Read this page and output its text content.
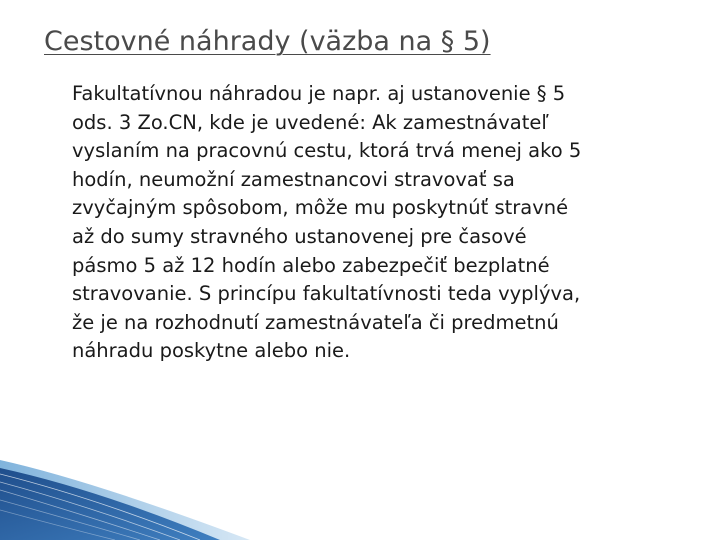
Cestovné náhrady (väzba na § 5)
Fakultatívnou náhradou je napr. aj ustanovenie § 5
ods. 3 Zo.CN, kde je uvedené: Ak zamestnávateľ
vyslaním na pracovnú cestu, ktorá trvá menej ako 5
hodín, neumožní zamestnancovi stravovať sa
zvyčajným spôsobom, môže mu poskytnúť stravné
až do sumy stravného ustanovenej pre časové
pásmo 5 až 12 hodín alebo zabezpečiť bezplatné
stravovanie. S princípu fakultatívnosti teda vyplýva,
že je na rozhodnutí zamestnávateľa či predmetnú
náhradu poskytne alebo nie.
